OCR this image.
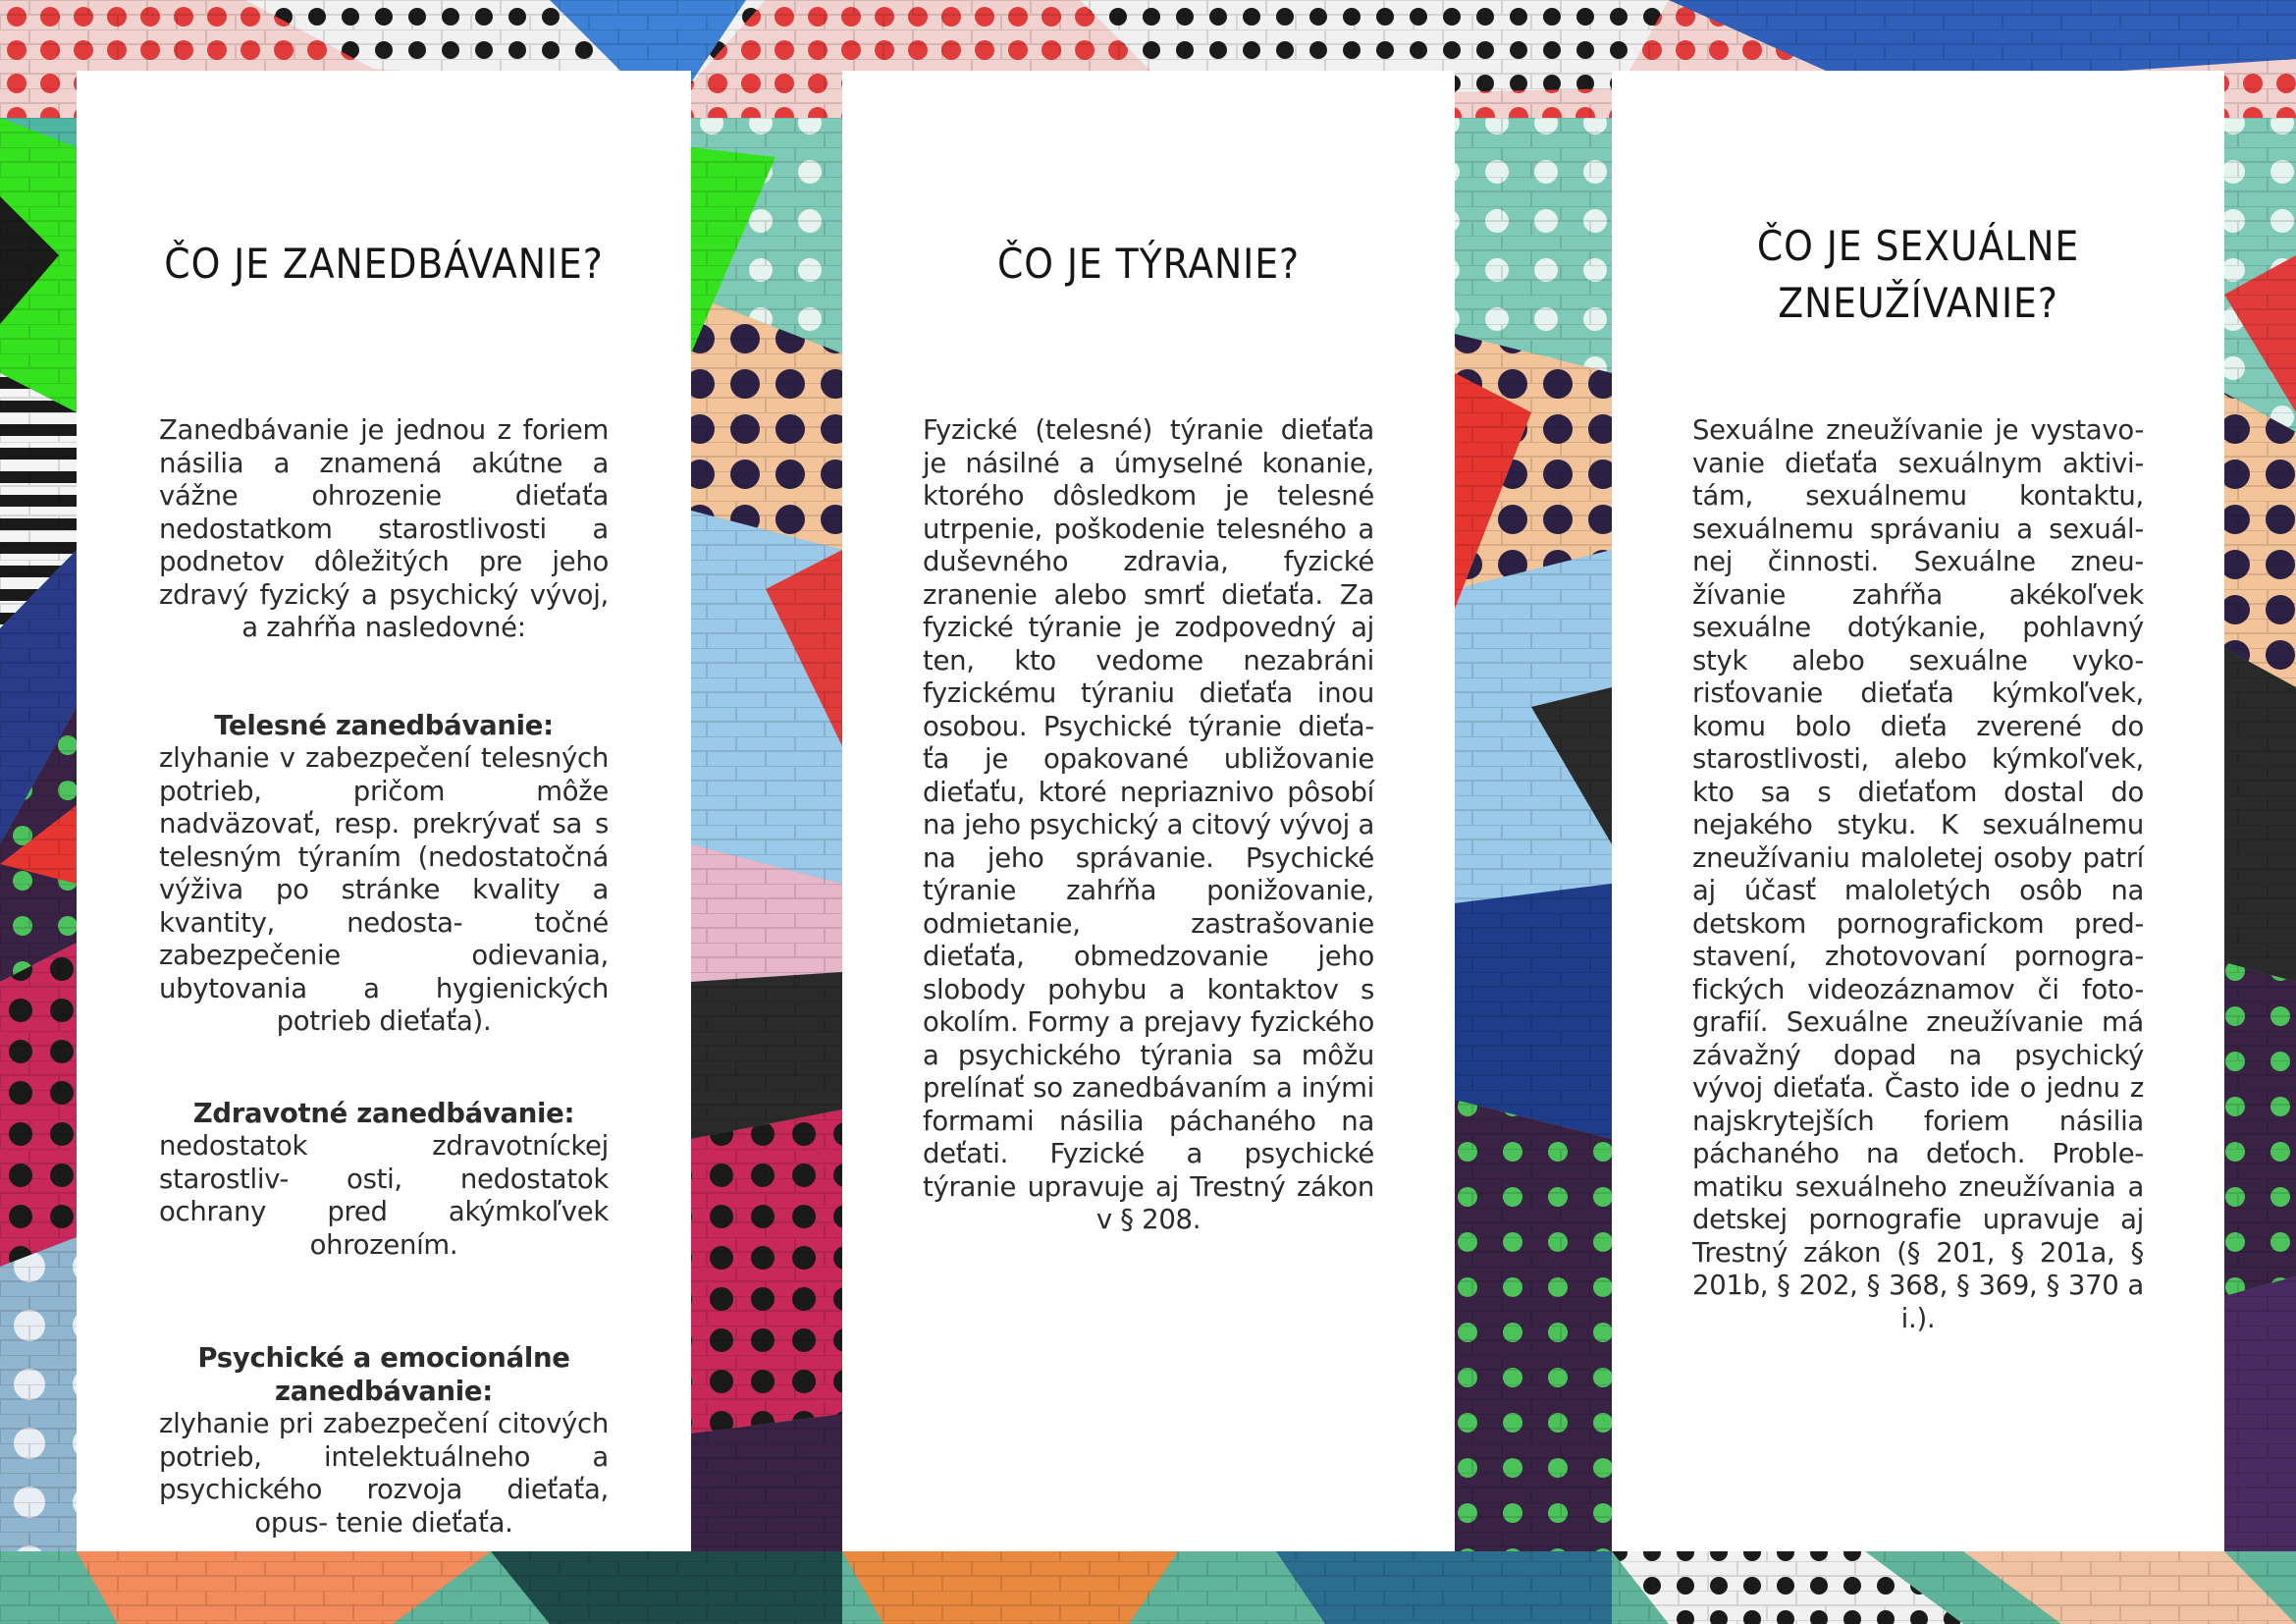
ČO JE ZANEDBÁVANIE?

Zanedbávanie je jednou z foriem násilia a znamená akútne a vážne ohrozenie dieťaťa nedostatkom starostlivosti a podnetov dôležitých pre jeho zdravý fyzický a psychický vývoj, a zahŕňa nasledovné:

Telesné zanedbávanie:

zlyhanie v zabezpečení telesných potrieb, pričom môže nadväzovať, resp. prekrývať sa s telesným týraním (nedostatočná výživa po stránke kvality a kvantity, nedosta- točné zabezpečenie odievania, ubytovania a hygienických potrieb dieťaťa).

Zdravotné zanedbávanie:

nedostatok zdravotníckej starostliv- osti, nedostatok ochrany pred akýmkoľvek ohrozením.

Psychické a emocionálne zanedbávanie:

zlyhanie pri zabezpečení citových potrieb, intelektuálneho a psychického rozvoja dieťaťa, opus- tenie dieťaťa.

ČO JE TÝRANIE?

Fyzické (telesné) týranie dieťaťa je násilné a úmyselné konanie, ktorého dôsledkom je telesné utrpenie, poškodenie telesného a duševného zdravia, fyzické zranenie alebo smrť dieťaťa. Za fyzické týranie je zodpovedný aj ten, kto vedome nezabráni fyzickému týraniu dieťaťa inou osobou. Psychické týranie dieťa- ťa je opakované ubližovanie dieťaťu, ktoré nepriaznivo pôsobí na jeho psychický a citový vývoj a na jeho správanie. Psychické týranie zahŕňa ponižovanie, odmietanie, zastrašovanie dieťaťa, obmedzovanie jeho slobody pohybu a kontaktov s okolím. Formy a prejavy fyzického a psychického týrania sa môžu prelínať so zanedbávaním a inými formami násilia páchaného na deťati. Fyzické a psychické týranie upravuje aj Trestný zákon v § 208.

ČO JE SEXUÁLNE ZNEUŽÍVANIE?

Sexuálne zneužívanie je vystavo- vanie dieťaťa sexuálnym aktivi- tám, sexuálnemu kontaktu, sexuálnemu správaniu a sexuál- nej činnosti. Sexuálne zneu- žívanie zahŕňa akékoľvek sexuálne dotýkanie, pohlavný styk alebo sexuálne vyko- risťovanie dieťaťa kýmkoľvek, komu bolo dieťa zverené do starostlivosti, alebo kýmkoľvek, kto sa s dieťaťom dostal do nejakého styku. K sexuálnemu zneužívaniu maloletej osoby patrí aj účasť maloletých osôb na detskom pornografickom pred- stavení, zhotovovaní pornogra- fických videozáznamov či foto- grafií. Sexuálne zneužívanie má závažný dopad na psychický vývoj dieťaťa. Často ide o jednu z najskrytejších foriem násilia páchaného na deťoch. Proble- matiku sexuálneho zneužívania a detskej pornografie upravuje aj Trestný zákon (§ 201, § 201a, § 201b, § 202, § 368, § 369, § 370 a i.).
